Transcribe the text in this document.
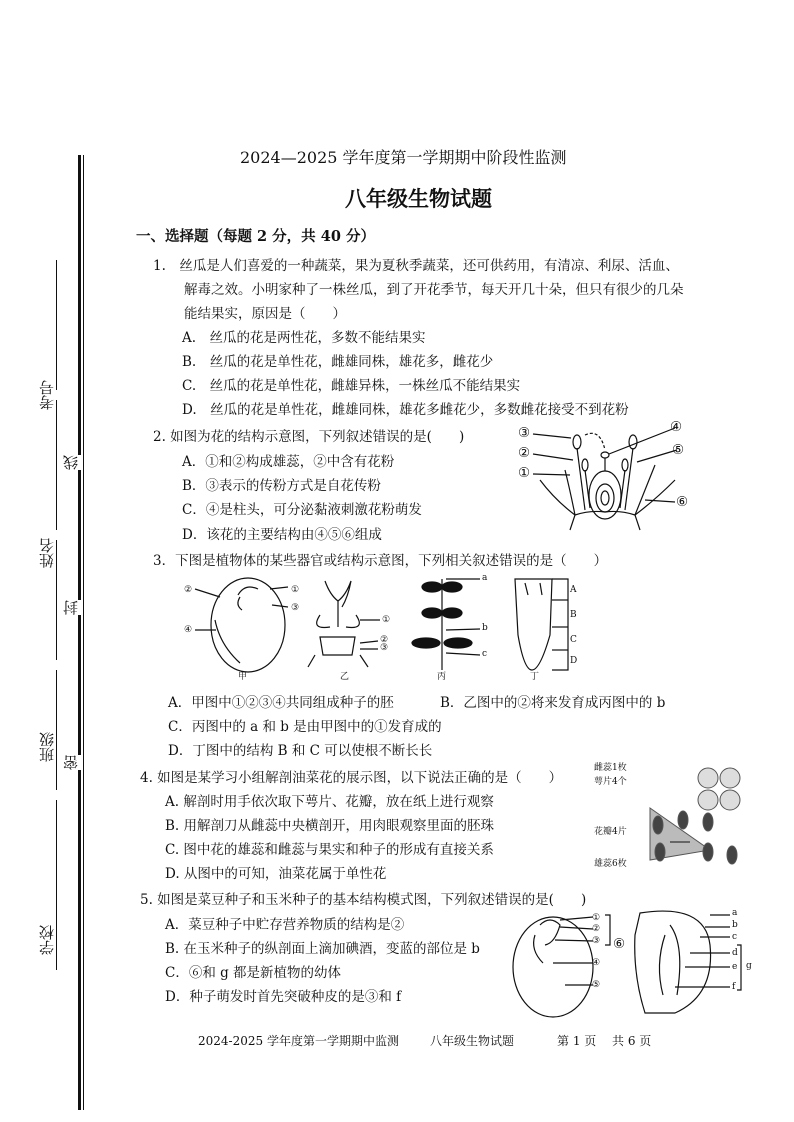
考号
线
姓名
封
班级
密
学校
2024—2025 学年度第一学期期中阶段性监测
八年级生物试题
一、选择题（每题 2 分，共 40 分）
1.　丝瓜是人们喜爱的一种蔬菜，果为夏秋季蔬菜，还可供药用，有清凉、利尿、活血、
解毒之效。小明家种了一株丝瓜，到了开花季节，每天开几十朵，但只有很少的几朵
能结果实，原因是（　　）
A.　丝瓜的花是两性花，多数不能结果实
B.　丝瓜的花是单性花，雌雄同株，雄花多，雌花少
C.　丝瓜的花是单性花，雌雄异株，一株丝瓜不能结果实
D.　丝瓜的花是单性花，雌雄同株，雄花多雌花少，多数雌花接受不到花粉
2. 如图为花的结构示意图，下列叙述错误的是(　　)
A．①和②构成雄蕊，②中含有花粉
B．③表示的传粉方式是自花传粉
C．④是柱头，可分泌黏液刺激花粉萌发
D．该花的主要结构由④⑤⑥组成
③
②
①
④
⑤
⑥
3．下图是植物体的某些器官或结构示意图，下列相关叙述错误的是（　　）
②	①
③
④
①
②
③
a
b
c
A
B
C
D
甲	乙	丙	丁
A．甲图中①②③④共同组成种子的胚	B．乙图中的②将来发育成丙图中的 b
C．丙图中的 a 和 b 是由甲图中的①发育成的
D．丁图中的结构 B 和 C 可以使根不断长长
4. 如图是某学习小组解剖油菜花的展示图，以下说法正确的是（　　）
A. 解剖时用手依次取下萼片、花瓣，放在纸上进行观察
B. 用解剖刀从雌蕊中央横剖开，用肉眼观察里面的胚珠
C. 图中花的雄蕊和雌蕊与果实和种子的形成有直接关系
D. 从图中的可知，油菜花属于单性花
雌蕊1枚
萼片4个
花瓣4片
雄蕊6枚
5. 如图是菜豆种子和玉米种子的基本结构模式图，下列叙述错误的是(　　)
A．菜豆种子中贮存营养物质的结构是②
B. 在玉米种子的纵剖面上滴加碘酒，变蓝的部位是 b
C．⑥和 g 都是新植物的幼体
D．种子萌发时首先突破种皮的是③和 f
①
②
③
④
⑤
⑥
a
b
c
d
e
f
g
2024-2025 学年度第一学期期中监测	八年级生物试题	第 1 页 共 6 页
